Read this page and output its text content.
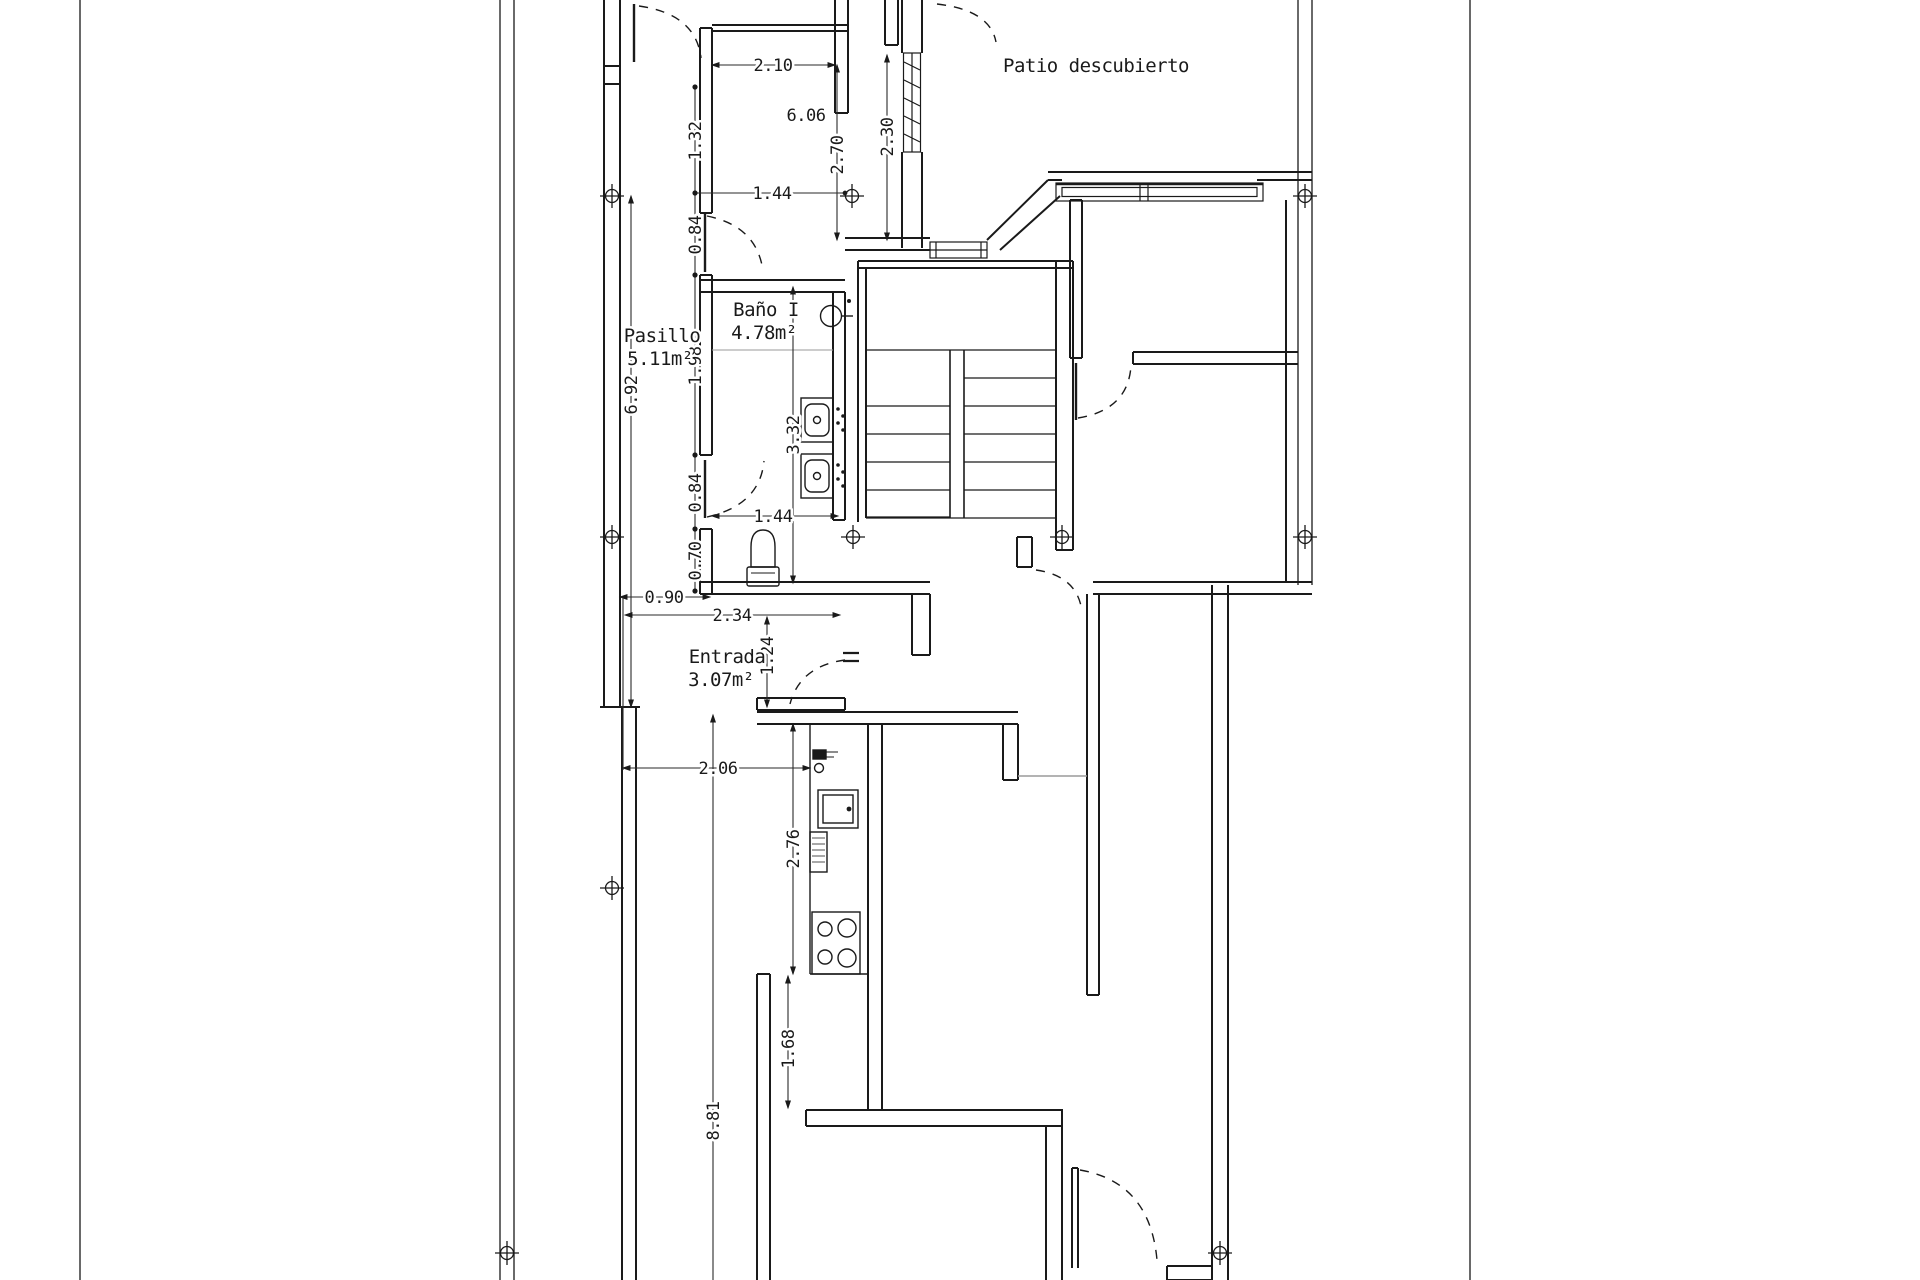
2.10
6.06
2.70 2.30
1.44
1.32
0.84
1.98
0.84
0.70
3.32
1.44
6.92
0.90
2.34
1.24
2.06
2.76
1.68
8.81
Patio descubierto
Baño I
4.78m²
Pasillo
5.11m²
Entrada
3.07m²
